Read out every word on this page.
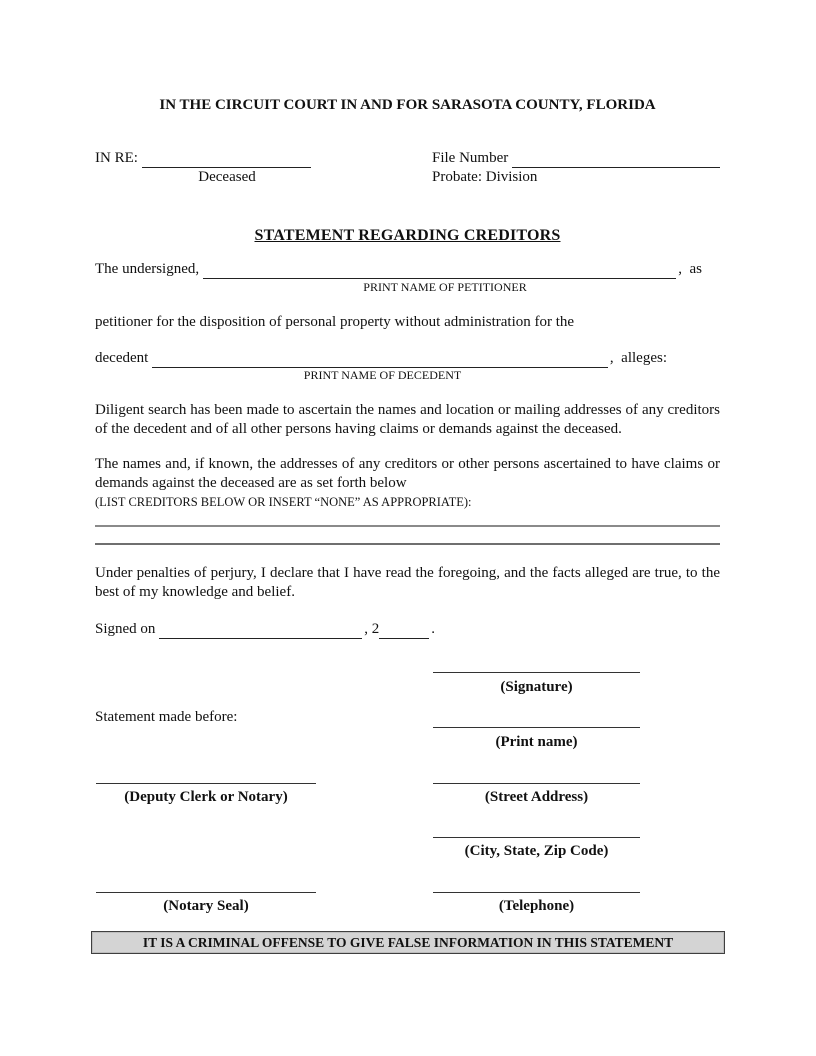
IN THE CIRCUIT COURT IN AND FOR SARASOTA COUNTY, FLORIDA
IN RE:
Deceased
File Number
Probate: Division
STATEMENT REGARDING CREDITORS
The undersigned,	,  as
PRINT NAME OF PETITIONER
petitioner for the disposition of personal property without administration for the
decedent	,  alleges:
PRINT NAME OF DECEDENT
Diligent search has been made to ascertain the names and location or mailing addresses of any creditors of the decedent and of all other persons having claims or demands against the deceased.
The names and, if known, the addresses of any creditors or other persons ascertained to have claims or demands against the deceased are as set forth below
(LIST CREDITORS BELOW OR INSERT “NONE” AS APPROPRIATE):
Under penalties of perjury, I declare that I have read the foregoing, and the facts alleged are true, to the best of my knowledge and belief.
Signed on	, 2	.
(Signature)
Statement made before:
(Print name)
(Deputy Clerk or Notary)	(Street Address)
(City, State, Zip Code)
(Notary Seal)	(Telephone)
IT IS A CRIMINAL OFFENSE TO GIVE FALSE INFORMATION IN THIS STATEMENT
